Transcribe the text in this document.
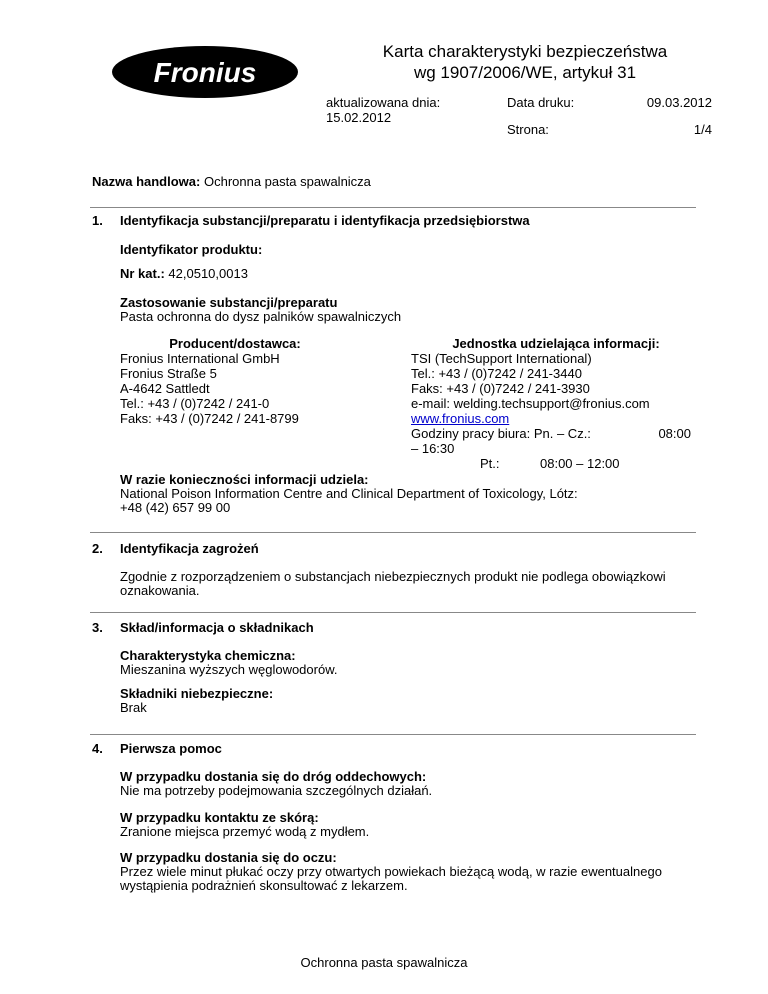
Fronius
Karta charakterystyki bezpieczeństwa
wg 1907/2006/WE, artykuł 31
aktualizowana dnia:
15.02.2012
Data druku:	09.03.2012
Strona:	1/4
Nazwa handlowa: Ochronna pasta spawalnicza
1. Identyfikacja substancji/preparatu i identyfikacja przedsiębiorstwa
Identyfikator produktu:
Nr kat.: 42,0510,0013
Zastosowanie substancji/preparatu
Pasta ochronna do dysz palników spawalniczych
Producent/dostawca:
Fronius International GmbH
Fronius Straße 5
A-4642 Sattledt
Tel.: +43 / (0)7242 / 241-0
Faks: +43 / (0)7242 / 241-8799
Jednostka udzielająca informacji:
TSI (TechSupport International)
Tel.: +43 / (0)7242 / 241-3440
Faks: +43 / (0)7242 / 241-3930
e-mail: welding.techsupport@fronius.com
www.fronius.com
Godziny pracy biura: Pn. – Cz.:	08:00
– 16:30
Pt.:	08:00 – 12:00
W razie konieczności informacji udziela:
National Poison Information Centre and Clinical Department of Toxicology, Lótz:
+48 (42) 657 99 00
2. Identyfikacja zagrożeń
Zgodnie z rozporządzeniem o substancjach niebezpiecznych produkt nie podlega obowiązkowi
oznakowania.
3. Skład/informacja o składnikach
Charakterystyka chemiczna:
Mieszanina wyższych węglowodorów.
Składniki niebezpieczne:
Brak
4. Pierwsza pomoc
W przypadku dostania się do dróg oddechowych:
Nie ma potrzeby podejmowania szczególnych działań.
W przypadku kontaktu ze skórą:
Zranione miejsca przemyć wodą z mydłem.
W przypadku dostania się do oczu:
Przez wiele minut płukać oczy przy otwartych powiekach bieżącą wodą, w razie ewentualnego
wystąpienia podrażnień skonsultować z lekarzem.
Ochronna pasta spawalnicza
